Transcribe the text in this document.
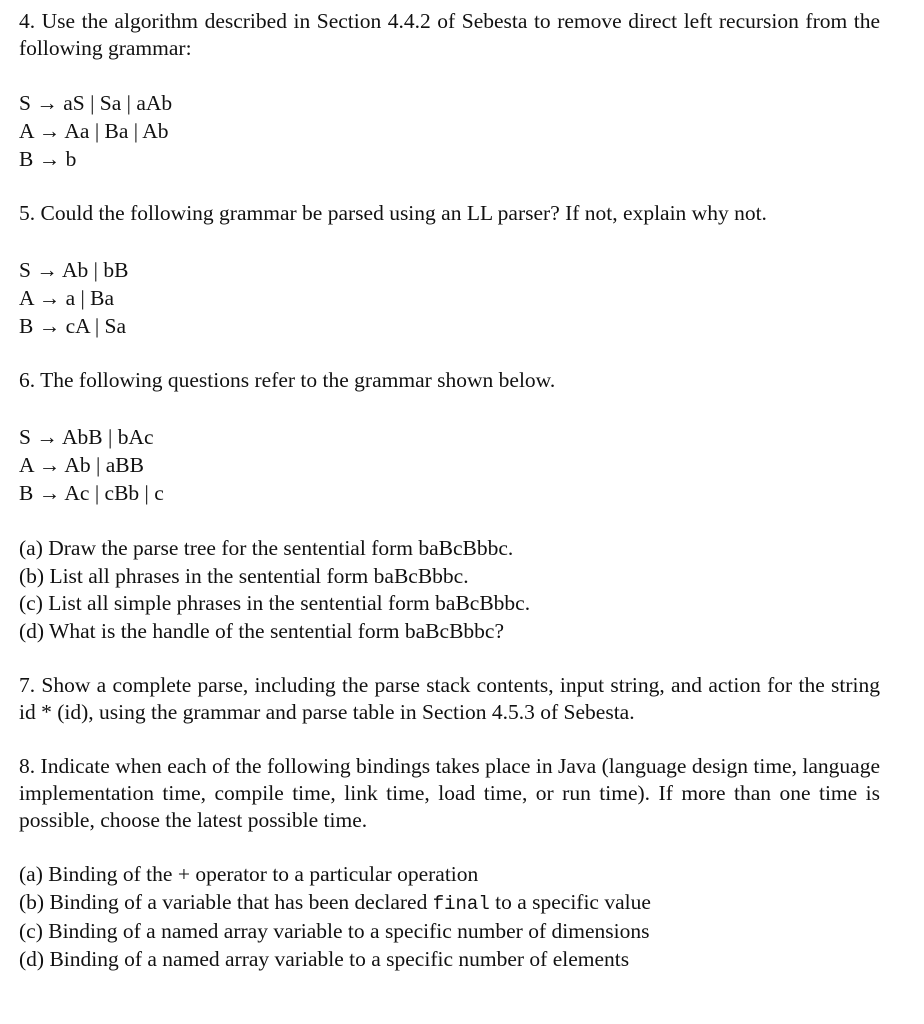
4. Use the algorithm described in Section 4.4.2 of Sebesta to remove direct left recursion from the following grammar:
S → aS | Sa | aAb
A → Aa | Ba | Ab
B → b
5. Could the following grammar be parsed using an LL parser? If not, explain why not.
S → Ab | bB
A → a | Ba
B → cA | Sa
6. The following questions refer to the grammar shown below.
S → AbB | bAc
A → Ab | aBB
B → Ac | cBb | c
(a) Draw the parse tree for the sentential form baBcBbbc.
(b) List all phrases in the sentential form baBcBbbc.
(c) List all simple phrases in the sentential form baBcBbbc.
(d) What is the handle of the sentential form baBcBbbc?
7. Show a complete parse, including the parse stack contents, input string, and action for the string id * (id), using the grammar and parse table in Section 4.5.3 of Sebesta.
8. Indicate when each of the following bindings takes place in Java (language design time, language implementation time, compile time, link time, load time, or run time). If more than one time is possible, choose the latest possible time.
(a) Binding of the + operator to a particular operation
(b) Binding of a variable that has been declared final to a specific value
(c) Binding of a named array variable to a specific number of dimensions
(d) Binding of a named array variable to a specific number of elements
